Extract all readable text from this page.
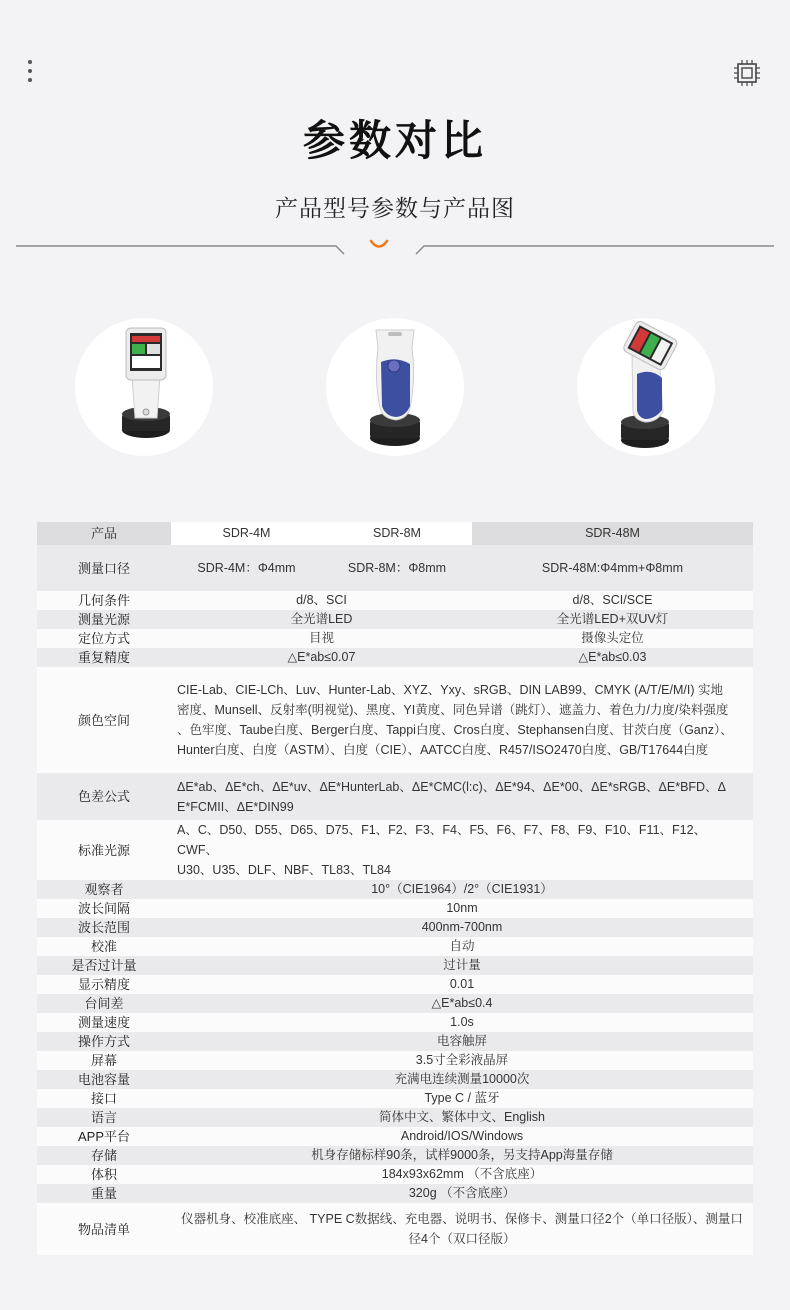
参数对比
产品型号参数与产品图
产品	SDR-4M	SDR-8M	SDR-48M
测量口径	SDR-4M：Φ4mm	SDR-8M：Φ8mm	SDR-48M:Φ4mm+Φ8mm
几何条件	d/8、SCI		d/8、SCI/SCE
测量光源	全光谱LED		全光谱LED+双UV灯
定位方式	目视		摄像头定位
重复精度	△E*ab≤0.07		△E*ab≤0.03
颜色空间	CIE-Lab、CIE-LCh、Luv、Hunter-Lab、XYZ、Yxy、sRGB、DIN LAB99、CMYK (A/T/E/M/I) 实地
密度、Munsell、反射率(明视觉)、黑度、YI黄度、同色异谱（跳灯）、遮盖力、着色力/力度/染料强度
、色牢度、Taube白度、Berger白度、Tappi白度、Cros白度、Stephansen白度、甘茨白度（Ganz）、
Hunter白度、白度（ASTM）、白度（CIE）、AATCC白度、R457/ISO2470白度、GB/T17644白度		

色差公式	ΔE*ab、ΔE*ch、ΔE*uv、ΔE*HunterLab、ΔE*CMC(l:c)、ΔE*94、ΔE*00、ΔE*sRGB、ΔE*BFD、Δ
E*FCMII、ΔE*DIN99		

标准光源	A、C、D50、D55、D65、D75、F1、F2、F3、F4、F5、F6、F7、F8、F9、F10、F11、F12、CWF、
U30、U35、DLF、NBF、TL83、TL84		

观察者	10°（CIE1964）/2°（CIE1931）		
波长间隔	10nm		
波长范围	400nm-700nm		
校准	自动		
是否过计量	过计量		
显示精度	0.01		
台间差	△E*ab≤0.4		
测量速度	1.0s		
操作方式	电容触屏		
屏幕	3.5寸全彩液晶屏		
电池容量	充满电连续测量10000次		
接口	Type C / 蓝牙		
语言	简体中文、繁体中文、English		
APP平台	Android/IOS/Windows		
存储	机身存储标样90条，试样9000条，另支持App海量存储		
体积	184x93x62mm （不含底座）		
重量	320g （不含底座）		
物品清单	仪器机身、校准底座、 TYPE C数据线、充电器、说明书、保修卡、测量口径2个（单口径版）、测量口
径4个（双口径版）		
